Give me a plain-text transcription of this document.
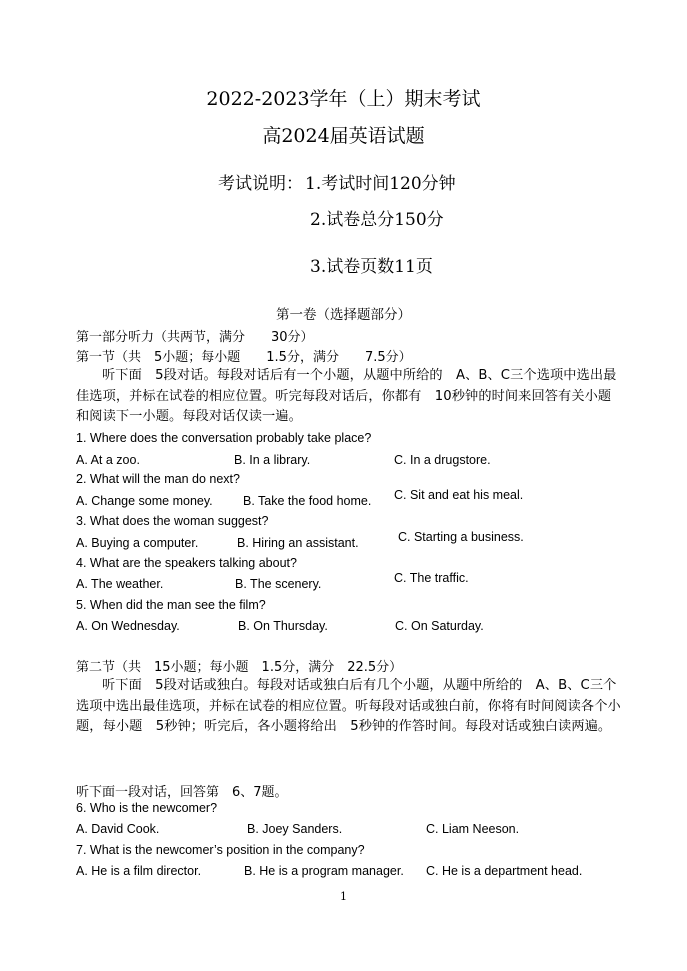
2022-2023学年（上）期末考试
高2024届英语试题
考试说明： 1.考试时间120分钟
2.试卷总分150分
3.试卷页数11页
第一卷（选择题部分）
第一部分听力（共两节，满分　　30分）
第一节（共　5小题；每小题　　1.5分，满分　　7.5分）
听下面　5段对话。每段对话后有一个小题，从题中所给的　A、B、C三个选项中选出最佳选项，并标在试卷的相应位置。听完每段对话后，你都有　10秒钟的时间来回答有关小题和阅读下一小题。每段对话仅读一遍。
1. Where does the conversation probably take place?
A. At a zoo.	B. In a library.	C. In a drugstore.
2. What will the man do next?
A. Change some money. B. Take the food home. C. Sit and eat his meal.
3. What does the woman suggest?
A. Buying a computer.	B. Hiring an assistant.	C. Starting a business.
4. What are the speakers talking about?
A. The weather.	B. The scenery.	C. The traffic.
5. When did the man see the film?
A. On Wednesday.	B. On Thursday.	C. On Saturday.
第二节（共　15小题；每小题　1.5分，满分　22.5分）
听下面　5段对话或独白。每段对话或独白后有几个小题，从题中所给的　A、B、C三个选项中选出最佳选项，并标在试卷的相应位置。听每段对话或独白前，你将有时间阅读各个小题，每小题　5秒钟；听完后，各小题将给出　5秒钟的作答时间。每段对话或独白读两遍。
听下面一段对话，回答第　6、7题。
6. Who is the newcomer?
A. David Cook.	B. Joey Sanders.	C. Liam Neeson.
7. What is the newcomer’s position in the company?
A. He is a film director.	B. He is a program manager. C. He is a department head.
1
